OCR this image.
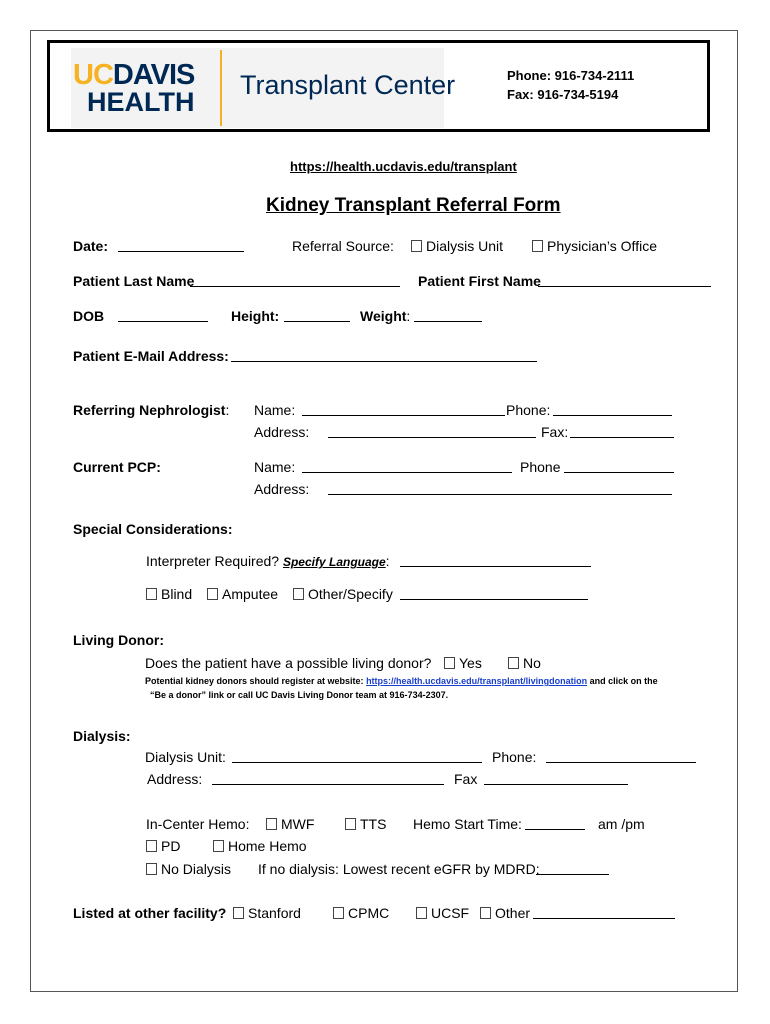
UCDAVIS
HEALTH
Transplant Center	Phone: 916-734-2111
Fax: 916-734-5194
https://health.ucdavis.edu/transplant
Kidney Transplant Referral Form
Date:	Referral Source:	Dialysis Unit	Physician’s Office
Patient Last Name	Patient First Name
DOB	Height:	Weight:
Patient E-Mail Address:
Referring Nephrologist: Name:	Phone:
Address:	Fax:
Current PCP:	Name:	Phone
Address:
Special Considerations:
Interpreter Required? Specify Language:
Blind	Amputee	Other/Specify
Living Donor:
Does the patient have a possible living donor?	Yes	No
Potential kidney donors should register at website: https://health.ucdavis.edu/transplant/livingdonation and click on the
“Be a donor” link or call UC Davis Living Donor team at 916-734-2307.
Dialysis:
Dialysis Unit:	Phone:
Address:	Fax
In-Center Hemo:	MWF	TTS Hemo Start Time:	am /pm
PD	Home Hemo
No Dialysis If no dialysis: Lowest recent eGFR by MDRD:
Listed at other facility?	Stanford	CPMC	UCSF	Other
